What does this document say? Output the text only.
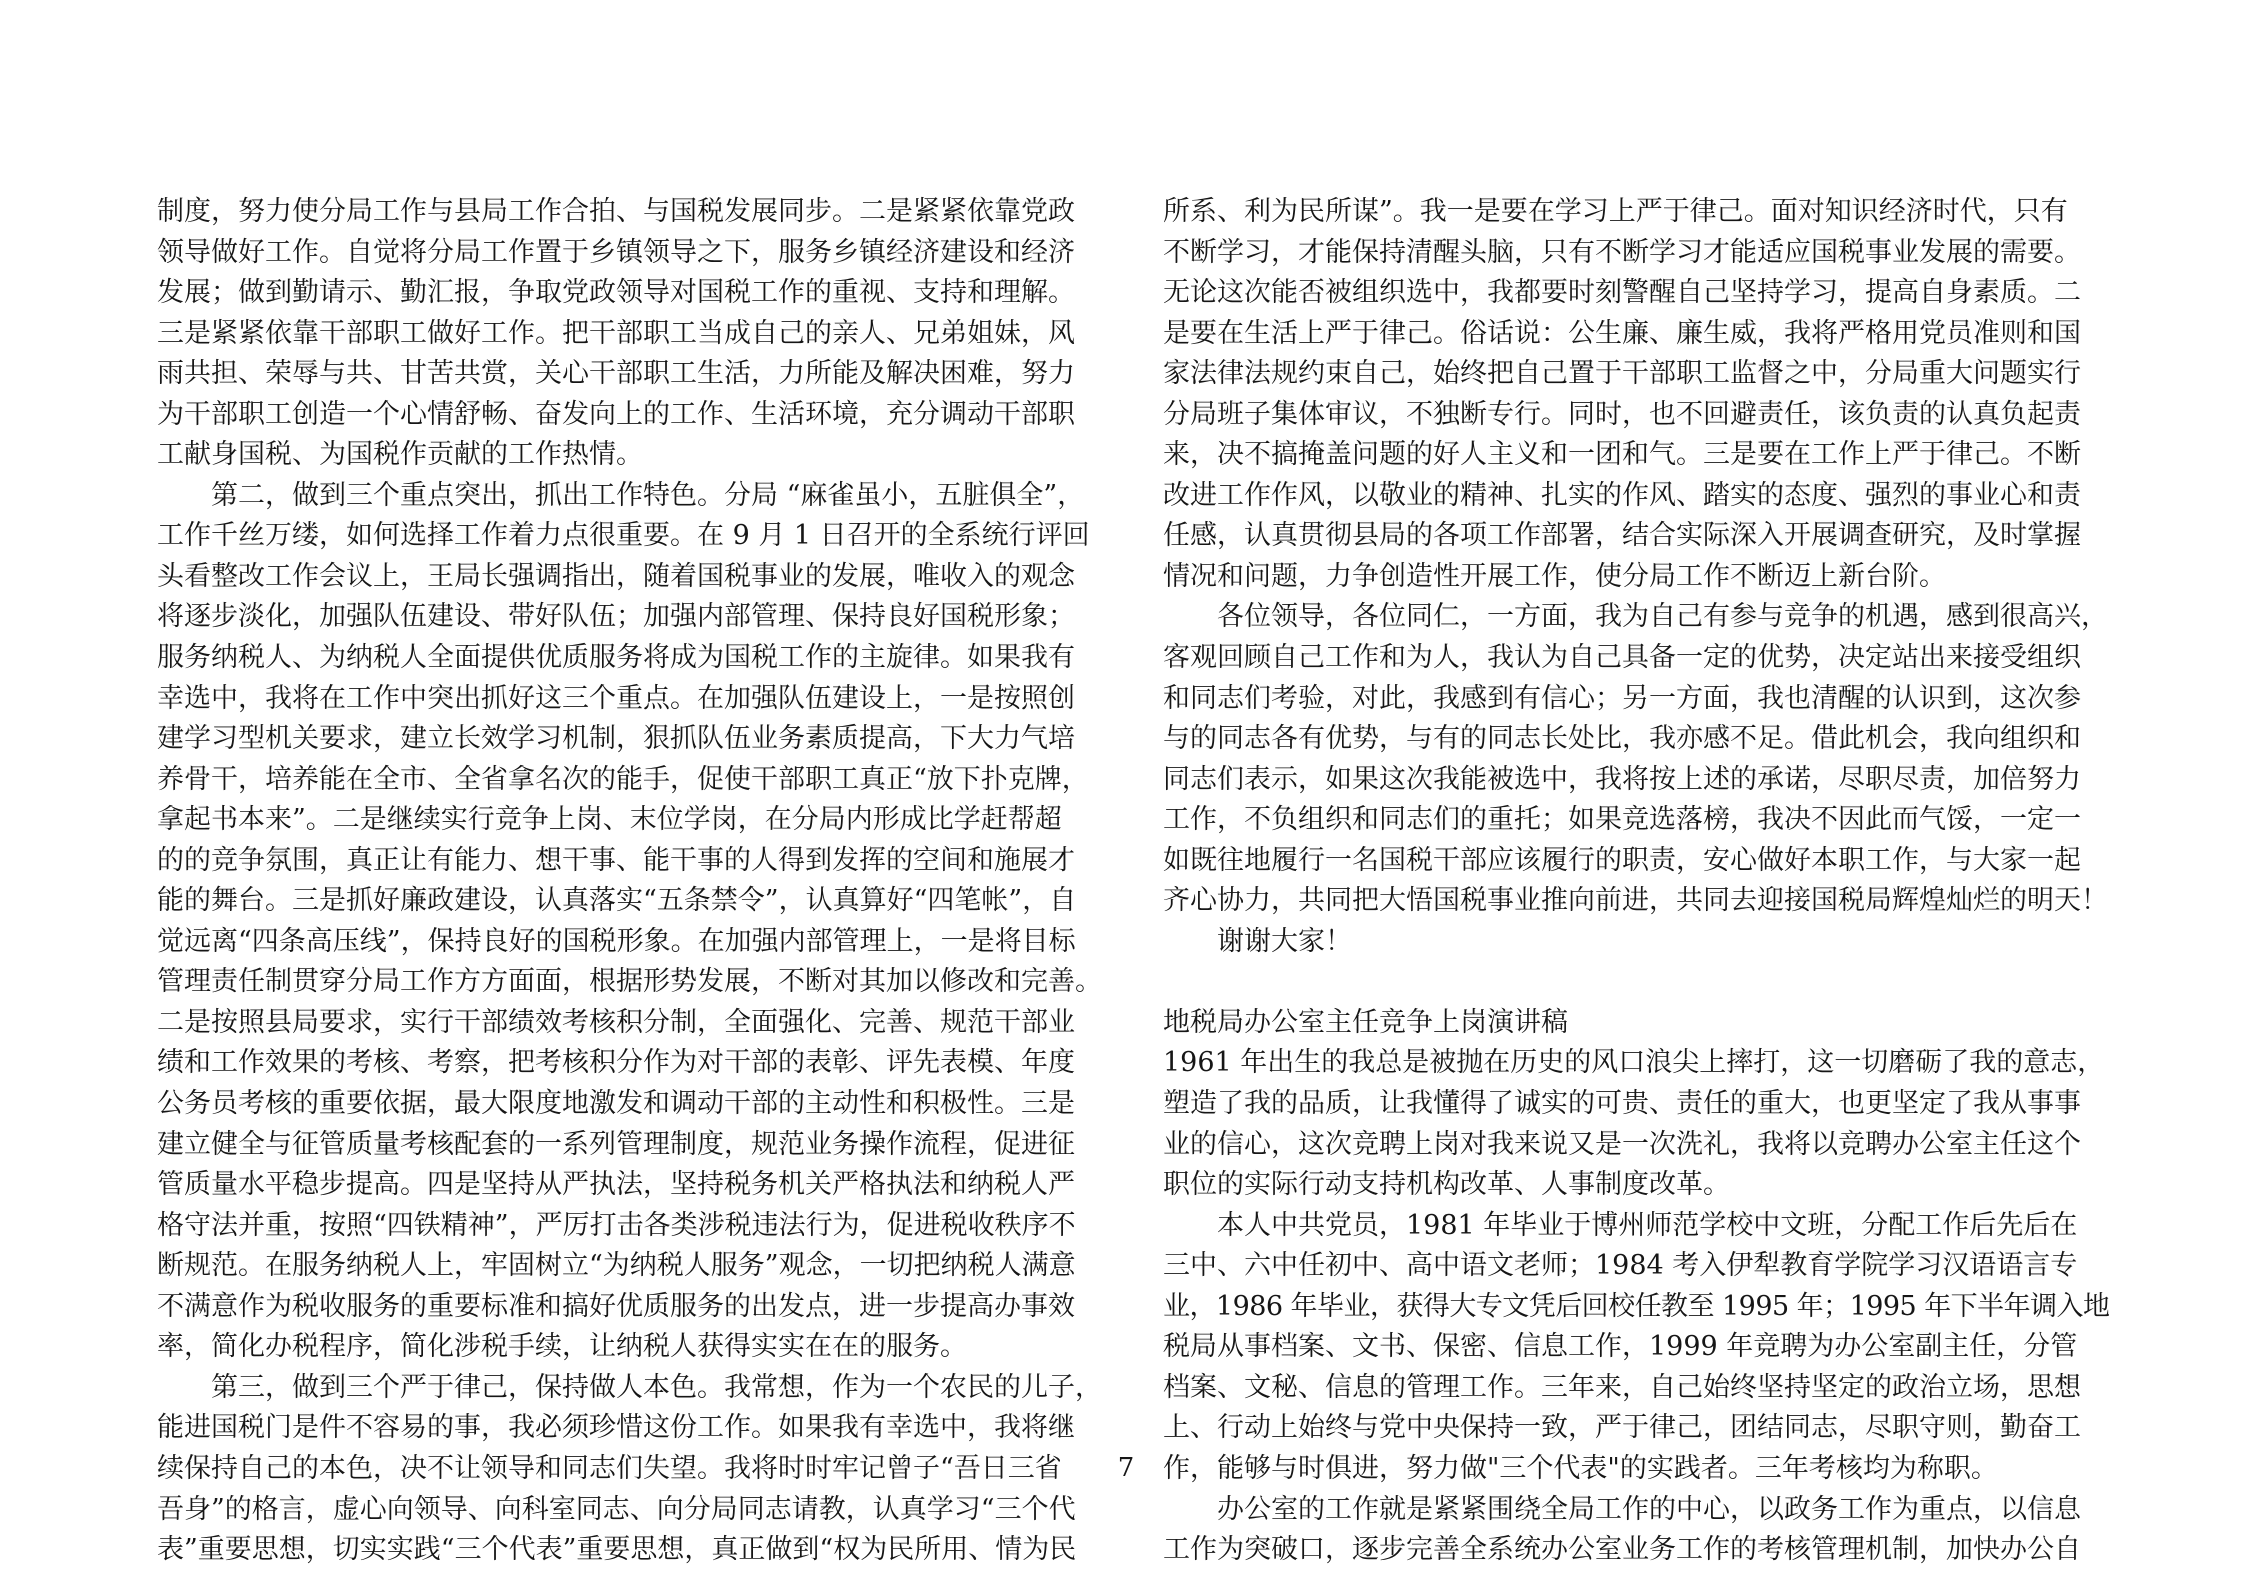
制度，努力使分局工作与县局工作合拍、与国税发展同步。二是紧紧依靠党政
领导做好工作。自觉将分局工作置于乡镇领导之下，服务乡镇经济建设和经济
发展；做到勤请示、勤汇报，争取党政领导对国税工作的重视、支持和理解。
三是紧紧依靠干部职工做好工作。把干部职工当成自己的亲人、兄弟姐妹，风
雨共担、荣辱与共、甘苦共赏，关心干部职工生活，力所能及解决困难，努力
为干部职工创造一个心情舒畅、奋发向上的工作、生活环境，充分调动干部职
工献身国税、为国税作贡献的工作热情。
　　第二，做到三个重点突出，抓出工作特色。分局 “麻雀虽小，五脏俱全”，
工作千丝万缕，如何选择工作着力点很重要。在 9 月 1 日召开的全系统行评回
头看整改工作会议上，王局长强调指出，随着国税事业的发展，唯收入的观念
将逐步淡化，加强队伍建设、带好队伍；加强内部管理、保持良好国税形象；
服务纳税人、为纳税人全面提供优质服务将成为国税工作的主旋律。如果我有
幸选中，我将在工作中突出抓好这三个重点。在加强队伍建设上，一是按照创
建学习型机关要求，建立长效学习机制，狠抓队伍业务素质提高，下大力气培
养骨干，培养能在全市、全省拿名次的能手，促使干部职工真正“放下扑克牌，
拿起书本来”。二是继续实行竞争上岗、末位学岗，在分局内形成比学赶帮超
的的竞争氛围，真正让有能力、想干事、能干事的人得到发挥的空间和施展才
能的舞台。三是抓好廉政建设，认真落实“五条禁令”，认真算好“四笔帐”，自
觉远离“四条高压线”，保持良好的国税形象。在加强内部管理上，一是将目标
管理责任制贯穿分局工作方方面面，根据形势发展，不断对其加以修改和完善。
二是按照县局要求，实行干部绩效考核积分制，全面强化、完善、规范干部业
绩和工作效果的考核、考察，把考核积分作为对干部的表彰、评先表模、年度
公务员考核的重要依据，最大限度地激发和调动干部的主动性和积极性。三是
建立健全与征管质量考核配套的一系列管理制度，规范业务操作流程，促进征
管质量水平稳步提高。四是坚持从严执法，坚持税务机关严格执法和纳税人严
格守法并重，按照“四铁精神”，严厉打击各类涉税违法行为，促进税收秩序不
断规范。在服务纳税人上，牢固树立“为纳税人服务”观念，一切把纳税人满意
不满意作为税收服务的重要标准和搞好优质服务的出发点，进一步提高办事效
率，简化办税程序，简化涉税手续，让纳税人获得实实在在的服务。
　　第三，做到三个严于律己，保持做人本色。我常想，作为一个农民的儿子，
能进国税门是件不容易的事，我必须珍惜这份工作。如果我有幸选中，我将继
续保持自己的本色，决不让领导和同志们失望。我将时时牢记曾子“吾日三省
吾身”的格言，虚心向领导、向科室同志、向分局同志请教，认真学习“三个代
表”重要思想，切实实践“三个代表”重要思想，真正做到“权为民所用、情为民
所系、利为民所谋”。我一是要在学习上严于律己。面对知识经济时代，只有
不断学习，才能保持清醒头脑，只有不断学习才能适应国税事业发展的需要。
无论这次能否被组织选中，我都要时刻警醒自己坚持学习，提高自身素质。二
是要在生活上严于律己。俗话说：公生廉、廉生威，我将严格用党员准则和国
家法律法规约束自己，始终把自己置于干部职工监督之中，分局重大问题实行
分局班子集体审议，不独断专行。同时，也不回避责任，该负责的认真负起责
来，决不搞掩盖问题的好人主义和一团和气。三是要在工作上严于律己。不断
改进工作作风，以敬业的精神、扎实的作风、踏实的态度、强烈的事业心和责
任感，认真贯彻县局的各项工作部署，结合实际深入开展调查研究，及时掌握
情况和问题，力争创造性开展工作，使分局工作不断迈上新台阶。
　　各位领导，各位同仁，一方面，我为自己有参与竞争的机遇，感到很高兴，
客观回顾自己工作和为人，我认为自己具备一定的优势，决定站出来接受组织
和同志们考验，对此，我感到有信心；另一方面，我也清醒的认识到，这次参
与的同志各有优势，与有的同志长处比，我亦感不足。借此机会，我向组织和
同志们表示，如果这次我能被选中，我将按上述的承诺，尽职尽责，加倍努力
工作，不负组织和同志们的重托；如果竞选落榜，我决不因此而气馁，一定一
如既往地履行一名国税干部应该履行的职责，安心做好本职工作，与大家一起
齐心协力，共同把大悟国税事业推向前进，共同去迎接国税局辉煌灿烂的明天！
　　谢谢大家！
地税局办公室主任竞争上岗演讲稿
1961 年出生的我总是被抛在历史的风口浪尖上摔打，这一切磨砺了我的意志，
塑造了我的品质，让我懂得了诚实的可贵、责任的重大，也更坚定了我从事事
业的信心，这次竞聘上岗对我来说又是一次洗礼，我将以竞聘办公室主任这个
职位的实际行动支持机构改革、人事制度改革。
　　本人中共党员，1981 年毕业于博州师范学校中文班，分配工作后先后在
三中、六中任初中、高中语文老师；1984 考入伊犁教育学院学习汉语语言专
业，1986 年毕业，获得大专文凭后回校任教至 1995 年；1995 年下半年调入地
税局从事档案、文书、保密、信息工作，1999 年竞聘为办公室副主任，分管
档案、文秘、信息的管理工作。三年来，自己始终坚持坚定的政治立场，思想
上、行动上始终与党中央保持一致，严于律己，团结同志，尽职守则，勤奋工
作，能够与时俱进，努力做"三个代表"的实践者。三年考核均为称职。
　　办公室的工作就是紧紧围绕全局工作的中心，以政务工作为重点，以信息
工作为突破口，逐步完善全系统办公室业务工作的考核管理机制，加快办公自
7
